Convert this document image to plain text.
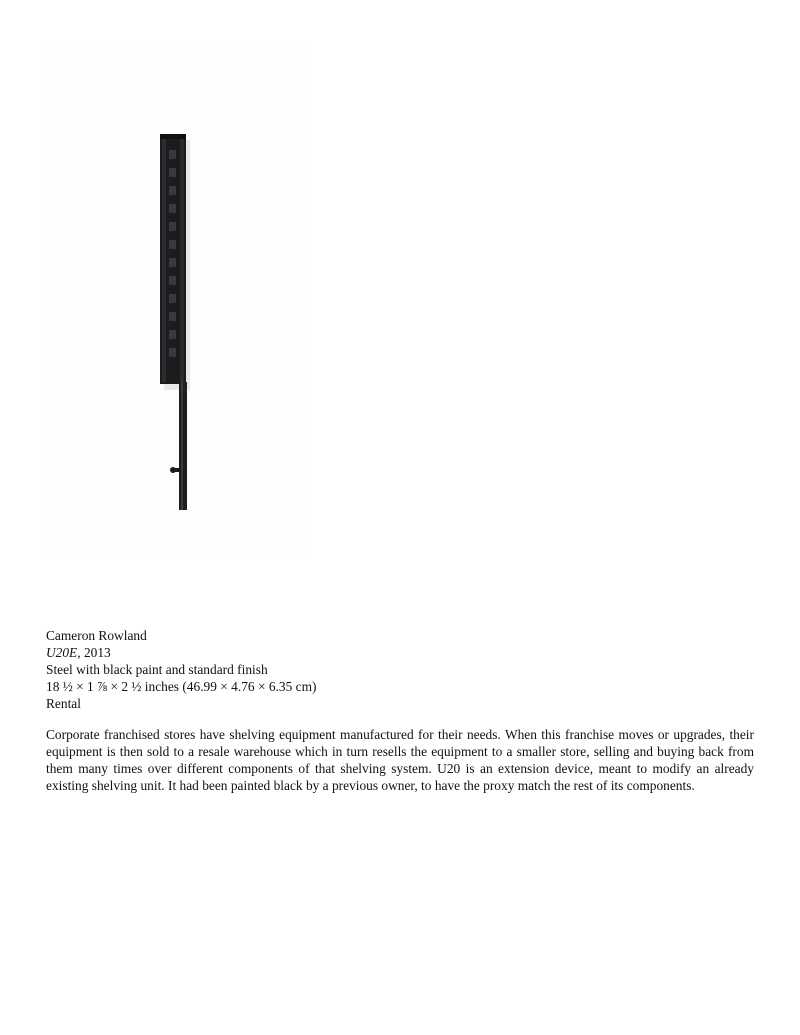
Cameron Rowland
U20E, 2013
Steel with black paint and standard finish
18 ½ × 1 ⅞ × 2 ½ inches (46.99 × 4.76 × 6.35 cm)
Rental

Corporate franchised stores have shelving equipment manufactured for their needs. When this franchise moves or upgrades, their equipment is then sold to a resale warehouse which in turn resells the equipment to a smaller store, selling and buying back from them many times over different components of that shelving system. U20 is an extension device, meant to modify an already existing shelving unit. It had been painted black by a previous owner, to have the proxy match the rest of its components.
